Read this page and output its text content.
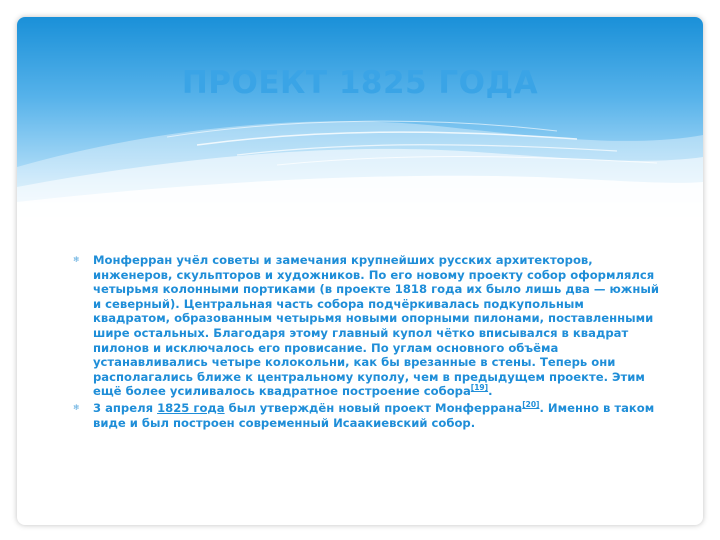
ПРОЕКТ 1825 ГОДА
❄ Монферран учёл советы и замечания крупнейших русских архитекторов, инженеров, скульпторов и художников. По его новому проекту собор оформлялся четырьмя колонными портиками (в проекте 1818 года их было лишь два — южный и северный). Центральная часть собора подчёркивалась подкупольным квадратом, образованным четырьмя новыми опорными пилонами, поставленными шире остальных. Благодаря этому главный купол чётко вписывался в квадрат пилонов и исключалось его провисание. По углам основного объёма устанавливались четыре колокольни, как бы врезанные в стены. Теперь они располагались ближе к центральному куполу, чем в предыдущем проекте. Этим ещё более усиливалось квадратное построение собора[19].
❄ 3 апреля 1825 года был утверждён новый проект Монферрана[20]. Именно в таком виде и был построен современный Исаакиевский собор.
